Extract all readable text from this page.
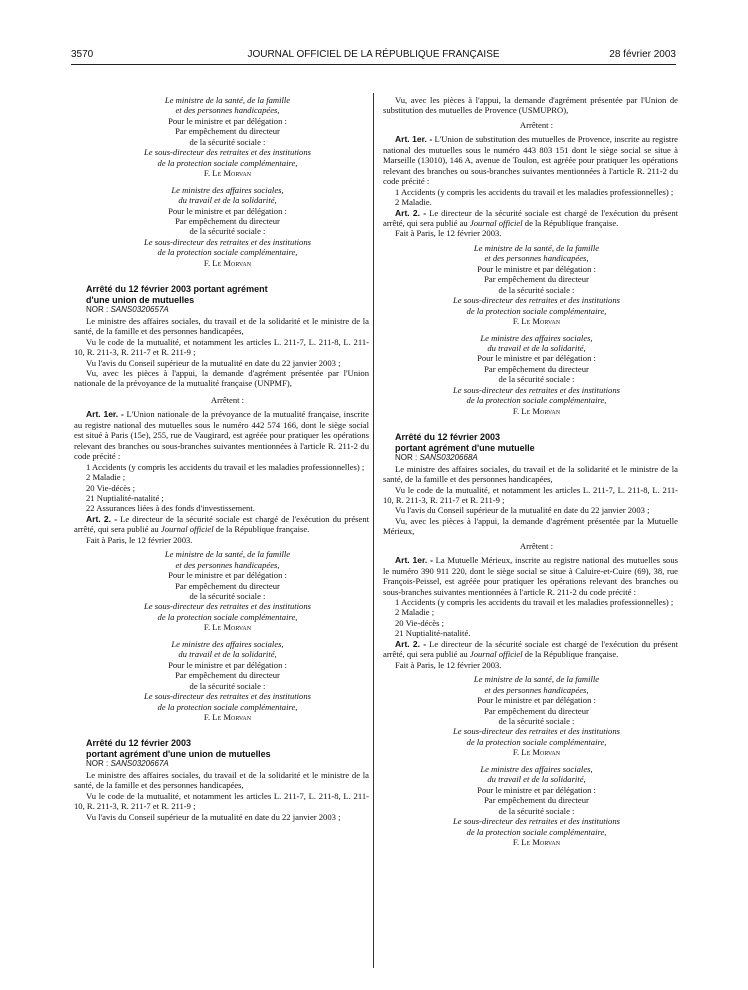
3570	JOURNAL OFFICIEL DE LA RÉPUBLIQUE FRANÇAISE	28 février 2003

Le ministre de la santé, de la famille

et des personnes handicapées,

Pour le ministre et par délégation :

Par empêchement du directeur

de la sécurité sociale :

Le sous-directeur des retraites et des institutions

de la protection sociale complémentaire,

F. Le Morvan

Le ministre des affaires sociales,

du travail et de la solidarité,

Pour le ministre et par délégation :

Par empêchement du directeur

de la sécurité sociale :

Le sous-directeur des retraites et des institutions

de la protection sociale complémentaire,

F. Le Morvan

Arrêté du 12 février 2003 portant agrément

d'une union de mutuelles

NOR : SANS0320657A

Le ministre des affaires sociales, du travail et de la solidarité et le ministre de la santé, de la famille et des personnes handicapées,

Vu le code de la mutualité, et notamment les articles L. 211-7, L. 211-8, L. 211-10, R. 211-3, R. 211-7 et R. 211-9 ;

Vu l'avis du Conseil supérieur de la mutualité en date du 22 janvier 2003 ;

Vu, avec les pièces à l'appui, la demande d'agrément présentée par l'Union nationale de la prévoyance de la mutualité française (UNPMF),

Arrêtent :

Art. 1er. - L'Union nationale de la prévoyance de la mutualité française, inscrite au registre national des mutuelles sous le numéro 442 574 166, dont le siège social est situé à Paris (15e), 255, rue de Vaugirard, est agréée pour pratiquer les opérations relevant des branches ou sous-branches suivantes mentionnées à l'article R. 211-2 du code précité :

1 Accidents (y compris les accidents du travail et les maladies professionnelles) ;

2 Maladie ;

20 Vie-décès ;

21 Nuptialité-natalité ;

22 Assurances liées à des fonds d'investissement.

Art. 2. - Le directeur de la sécurité sociale est chargé de l'exécution du présent arrêté, qui sera publié au Journal officiel de la République française.

Fait à Paris, le 12 février 2003.

Le ministre de la santé, de la famille

et des personnes handicapées,

Pour le ministre et par délégation :

Par empêchement du directeur

de la sécurité sociale :

Le sous-directeur des retraites et des institutions

de la protection sociale complémentaire,

F. Le Morvan

Le ministre des affaires sociales,

du travail et de la solidarité,

Pour le ministre et par délégation :

Par empêchement du directeur

de la sécurité sociale :

Le sous-directeur des retraites et des institutions

de la protection sociale complémentaire,

F. Le Morvan

Arrêté du 12 février 2003

portant agrément d'une union de mutuelles

NOR : SANS0320667A

Le ministre des affaires sociales, du travail et de la solidarité et le ministre de la santé, de la famille et des personnes handicapées,

Vu le code de la mutualité, et notamment les articles L. 211-7, L. 211-8, L. 211-10, R. 211-3, R. 211-7 et R. 211-9 ;

Vu l'avis du Conseil supérieur de la mutualité en date du 22 janvier 2003 ;

Vu, avec les pièces à l'appui, la demande d'agrément présentée par l'Union de substitution des mutuelles de Provence (USMUPRO),

Arrêtent :

Art. 1er. - L'Union de substitution des mutuelles de Provence, inscrite au registre national des mutuelles sous le numéro 443 803 151 dont le siège social se situe à Marseille (13010), 146 A, avenue de Toulon, est agréée pour pratiquer les opérations relevant des branches ou sous-branches suivantes mentionnées à l'article R. 211-2 du code précité :

1 Accidents (y compris les accidents du travail et les maladies professionnelles) ;

2 Maladie.

Art. 2. - Le directeur de la sécurité sociale est chargé de l'exécution du présent arrêté, qui sera publié au Journal officiel de la République française.

Fait à Paris, le 12 février 2003.

Le ministre de la santé, de la famille

et des personnes handicapées,

Pour le ministre et par délégation :

Par empêchement du directeur

de la sécurité sociale :

Le sous-directeur des retraites et des institutions

de la protection sociale complémentaire,

F. Le Morvan

Le ministre des affaires sociales,

du travail et de la solidarité,

Pour le ministre et par délégation :

Par empêchement du directeur

de la sécurité sociale :

Le sous-directeur des retraites et des institutions

de la protection sociale complémentaire,

F. Le Morvan

Arrêté du 12 février 2003

portant agrément d'une mutuelle

NOR : SANS0320668A

Le ministre des affaires sociales, du travail et de la solidarité et le ministre de la santé, de la famille et des personnes handicapées,

Vu le code de la mutualité, et notamment les articles L. 211-7, L. 211-8, L. 211-10, R. 211-3, R. 211-7 et R. 211-9 ;

Vu l'avis du Conseil supérieur de la mutualité en date du 22 janvier 2003 ;

Vu, avec les pièces à l'appui, la demande d'agrément présentée par la Mutuelle Mérieux,

Arrêtent :

Art. 1er. - La Mutuelle Mérieux, inscrite au registre national des mutuelles sous le numéro 390 911 220, dont le siège social se situe à Caluire-et-Cuire (69), 38, rue François-Peissel, est agréée pour pratiquer les opérations relevant des branches ou sous-branches suivantes mentionnées à l'article R. 211-2 du code précité :

1 Accidents (y compris les accidents du travail et les maladies professionnelles) ;

2 Maladie ;

20 Vie-décès ;

21 Nuptialité-natalité.

Art. 2. - Le directeur de la sécurité sociale est chargé de l'exécution du présent arrêté, qui sera publié au Journal officiel de la République française.

Fait à Paris, le 12 février 2003.

Le ministre de la santé, de la famille

et des personnes handicapées,

Pour le ministre et par délégation :

Par empêchement du directeur

de la sécurité sociale :

Le sous-directeur des retraites et des institutions

de la protection sociale complémentaire,

F. Le Morvan

Le ministre des affaires sociales,

du travail et de la solidarité,

Pour le ministre et par délégation :

Par empêchement du directeur

de la sécurité sociale :

Le sous-directeur des retraites et des institutions

de la protection sociale complémentaire,

F. Le Morvan
